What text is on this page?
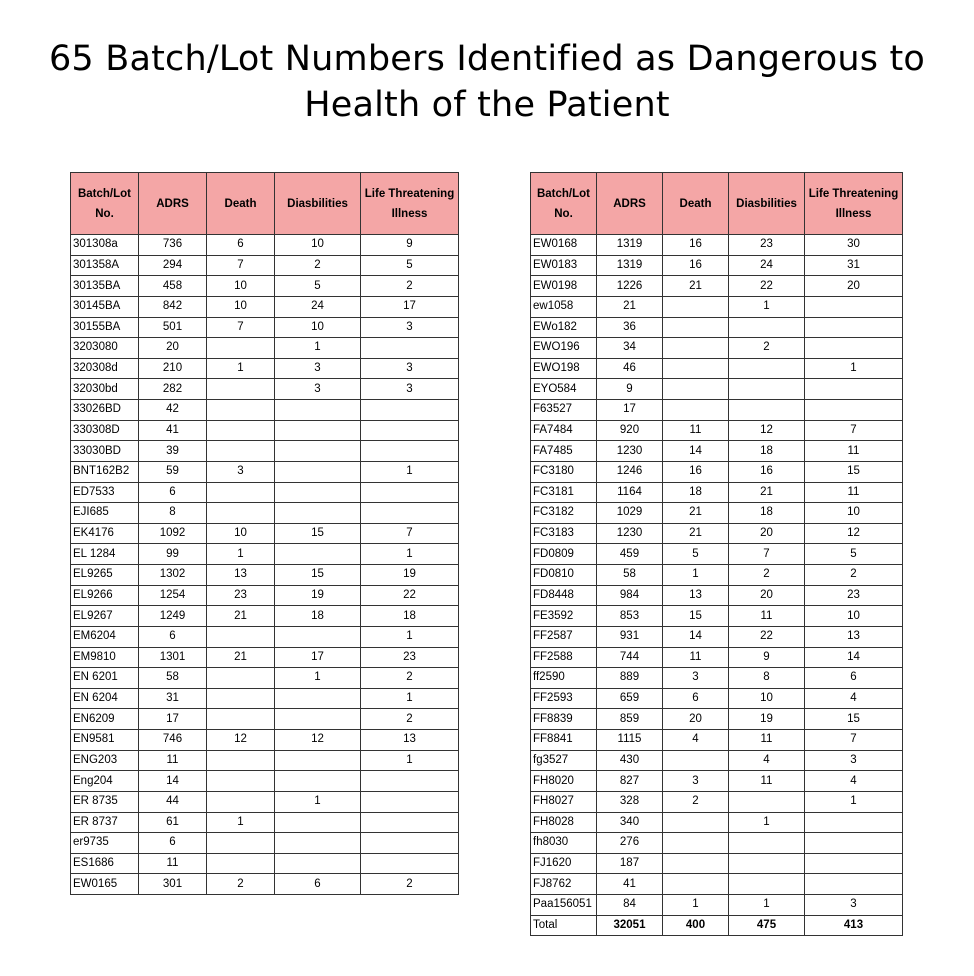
65 Batch/Lot Numbers Identified as Dangerous to
Health of the Patient
Batch/Lot No.	ADRS	Death	Diasbilities	Life Threatening Illness
301308a	736	6	10	9
301358A	294	7	2	5
30135BA	458	10	5	2
30145BA	842	10	24	17
30155BA	501	7	10	3
3203080	20		1	
320308d	210	1	3	3
32030bd	282		3	3
33026BD	42			
330308D	41			
33030BD	39			
BNT162B2	59	3		1
ED7533	6			
EJI685	8			
EK4176	1092	10	15	7
EL 1284	99	1		1
EL9265	1302	13	15	19
EL9266	1254	23	19	22
EL9267	1249	21	18	18
EM6204	6			1
EM9810	1301	21	17	23
EN 6201	58		1	2
EN 6204	31			1
EN6209	17			2
EN9581	746	12	12	13
ENG203	11			1
Eng204	14			
ER 8735	44		1	
ER 8737	61	1		
er9735	6			
ES1686	11			
EW0165	301	2	6	2
Batch/Lot No.	ADRS	Death	Diasbilities	Life Threatening Illness
EW0168	1319	16	23	30
EW0183	1319	16	24	31
EW0198	1226	21	22	20
ew1058	21		1	
EWo182	36			
EWO196	34		2	
EWO198	46			1
EYO584	9			
F63527	17			
FA7484	920	11	12	7
FA7485	1230	14	18	11
FC3180	1246	16	16	15
FC3181	1164	18	21	11
FC3182	1029	21	18	10
FC3183	1230	21	20	12
FD0809	459	5	7	5
FD0810	58	1	2	2
FD8448	984	13	20	23
FE3592	853	15	11	10
FF2587	931	14	22	13
FF2588	744	11	9	14
ff2590	889	3	8	6
FF2593	659	6	10	4
FF8839	859	20	19	15
FF8841	1115	4	11	7
fg3527	430		4	3
FH8020	827	3	11	4
FH8027	328	2		1
FH8028	340		1	
fh8030	276			
FJ1620	187			
FJ8762	41			
Paa156051	84	1	1	3
Total	32051	400	475	413
